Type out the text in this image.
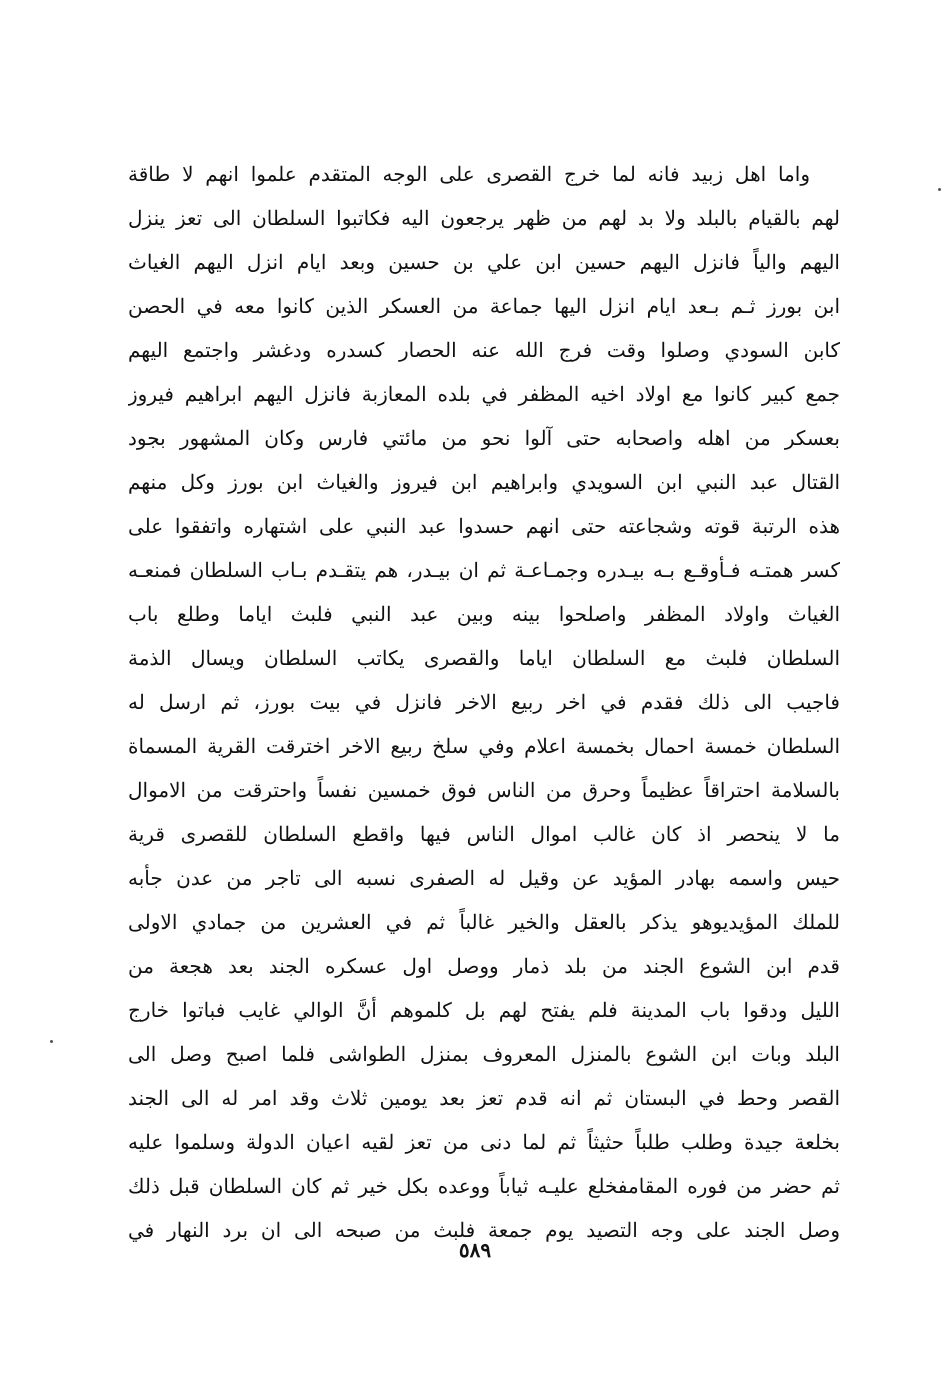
واما اهل زبيد فانه لما خرج القصرى على الوجه المتقدم علموا انهم لا طاقة
لهم بالقيام بالبلد ولا بد لهم من ظهر يرجعون اليه فكاتبوا السلطان الى تعز ينزل
اليهم والياً فانزل اليهم حسين ابن علي بن حسين وبعد ايام انزل اليهم الغياث
ابن بورز ثـم بـعد ايام انزل اليها جماعة من العسكر الذين كانوا معه في الحصن
كابن السودي وصلوا وقت فرج الله عنه الحصار كسدره ودغشر واجتمع اليهم
جمع كبير كانوا مع اولاد اخيه المظفر في بلده المعازبة فانزل اليهم ابراهيم فيروز
بعسكر من اهله واصحابه حتى آلوا نحو من مائتي فارس وكان المشهور بجود
القتال عبد النبي ابن السويدي وابراهيم ابن فيروز والغياث ابن بورز وكل منهم
هذه الرتبة قوته وشجاعته حتى انهم حسدوا عبد النبي على اشتهاره واتفقوا على
كسر همتـه فـأوقـع بـه بيـدره وجمـاعـة ثم ان بيـدر، هم يتقـدم بـاب السلطان فمنعـه
الغياث واولاد المظفر واصلحوا بينه وبين عبد النبي فلبث اياما وطلع باب
السلطان فلبث مع السلطان اياما والقصرى يكاتب السلطان ويسال الذمة
فاجيب الى ذلك فقدم في اخر ربيع الاخر فانزل في بيت بورز، ثم ارسل له
السلطان خمسة احمال بخمسة اعلام وفي سلخ ربيع الاخر اخترقت القرية المسماة
بالسلامة احتراقاً عظيماً وحرق من الناس فوق خمسين نفساً واحترقت من الاموال
ما لا ينحصر اذ كان غالب اموال الناس فيها واقطع السلطان للقصرى قرية
حيس واسمه بهادر المؤيد عن وقيل له الصفرى نسبه الى تاجر من عدن جأبه
للملك المؤيديوهو يذكر بالعقل والخير غالباً ثم في العشرين من جمادي الاولى
قدم ابن الشوع الجند من بلد ذمار ووصل اول عسكره الجند بعد هجعة من
الليل ودقوا باب المدينة فلم يفتح لهم بل كلموهم أنَّ الوالي غايب فباتوا خارج
البلد وبات ابن الشوع بالمنزل المعروف بمنزل الطواشى فلما اصبح وصل الى
القصر وحط في البستان ثم انه قدم تعز بعد يومين ثلاث وقد امر له الى الجند
بخلعة جيدة وطلب طلباً حثيثاً ثم لما دنى من تعز لقيه اعيان الدولة وسلموا عليه
ثم حضر من فوره المقامفخلع عليـه ثياباً ووعده بكل خير ثم كان السلطان قبل ذلك
وصل الجند على وجه التصيد يوم جمعة فلبث من صبحه الى ان برد النهار في
٥٨٩
